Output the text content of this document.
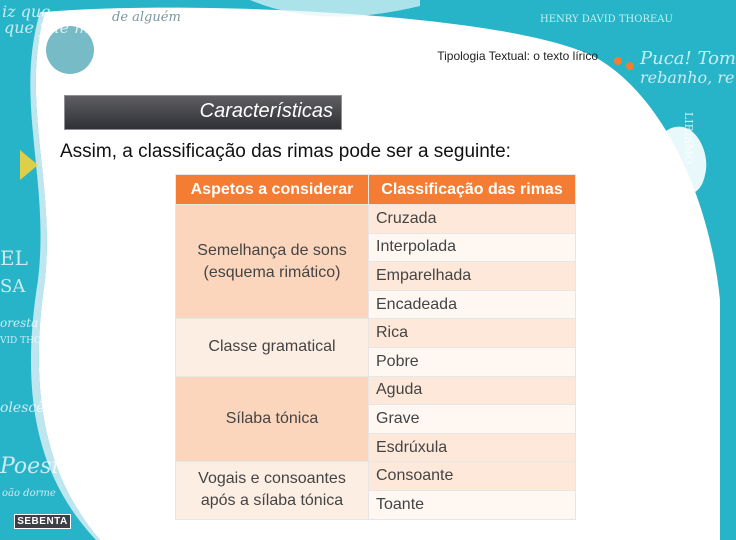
iz que
que fale mais
de alguém	HENRY DAVID THOREAU
Puca! Tom
rebanho, re
EL
SA
oresta
VID THOREAU
olescência
Poesia
oão dorme
LIRISMO
Tipologia Textual: o texto lírico
Características
Assim, a classificação das rimas pode ser a seguinte:
Aspetos a considerar	Classificação das rimas
Semelhança de sons (esquema rimático)	Cruzada
	Interpolada
	Emparelhada
	Encadeada
Classe gramatical	Rica
	Pobre
Sílaba tónica	Aguda
	Grave
	Esdrúxula
Vogais e consoantes após a sílaba tónica	Consoante
	Toante
SEBENTA
